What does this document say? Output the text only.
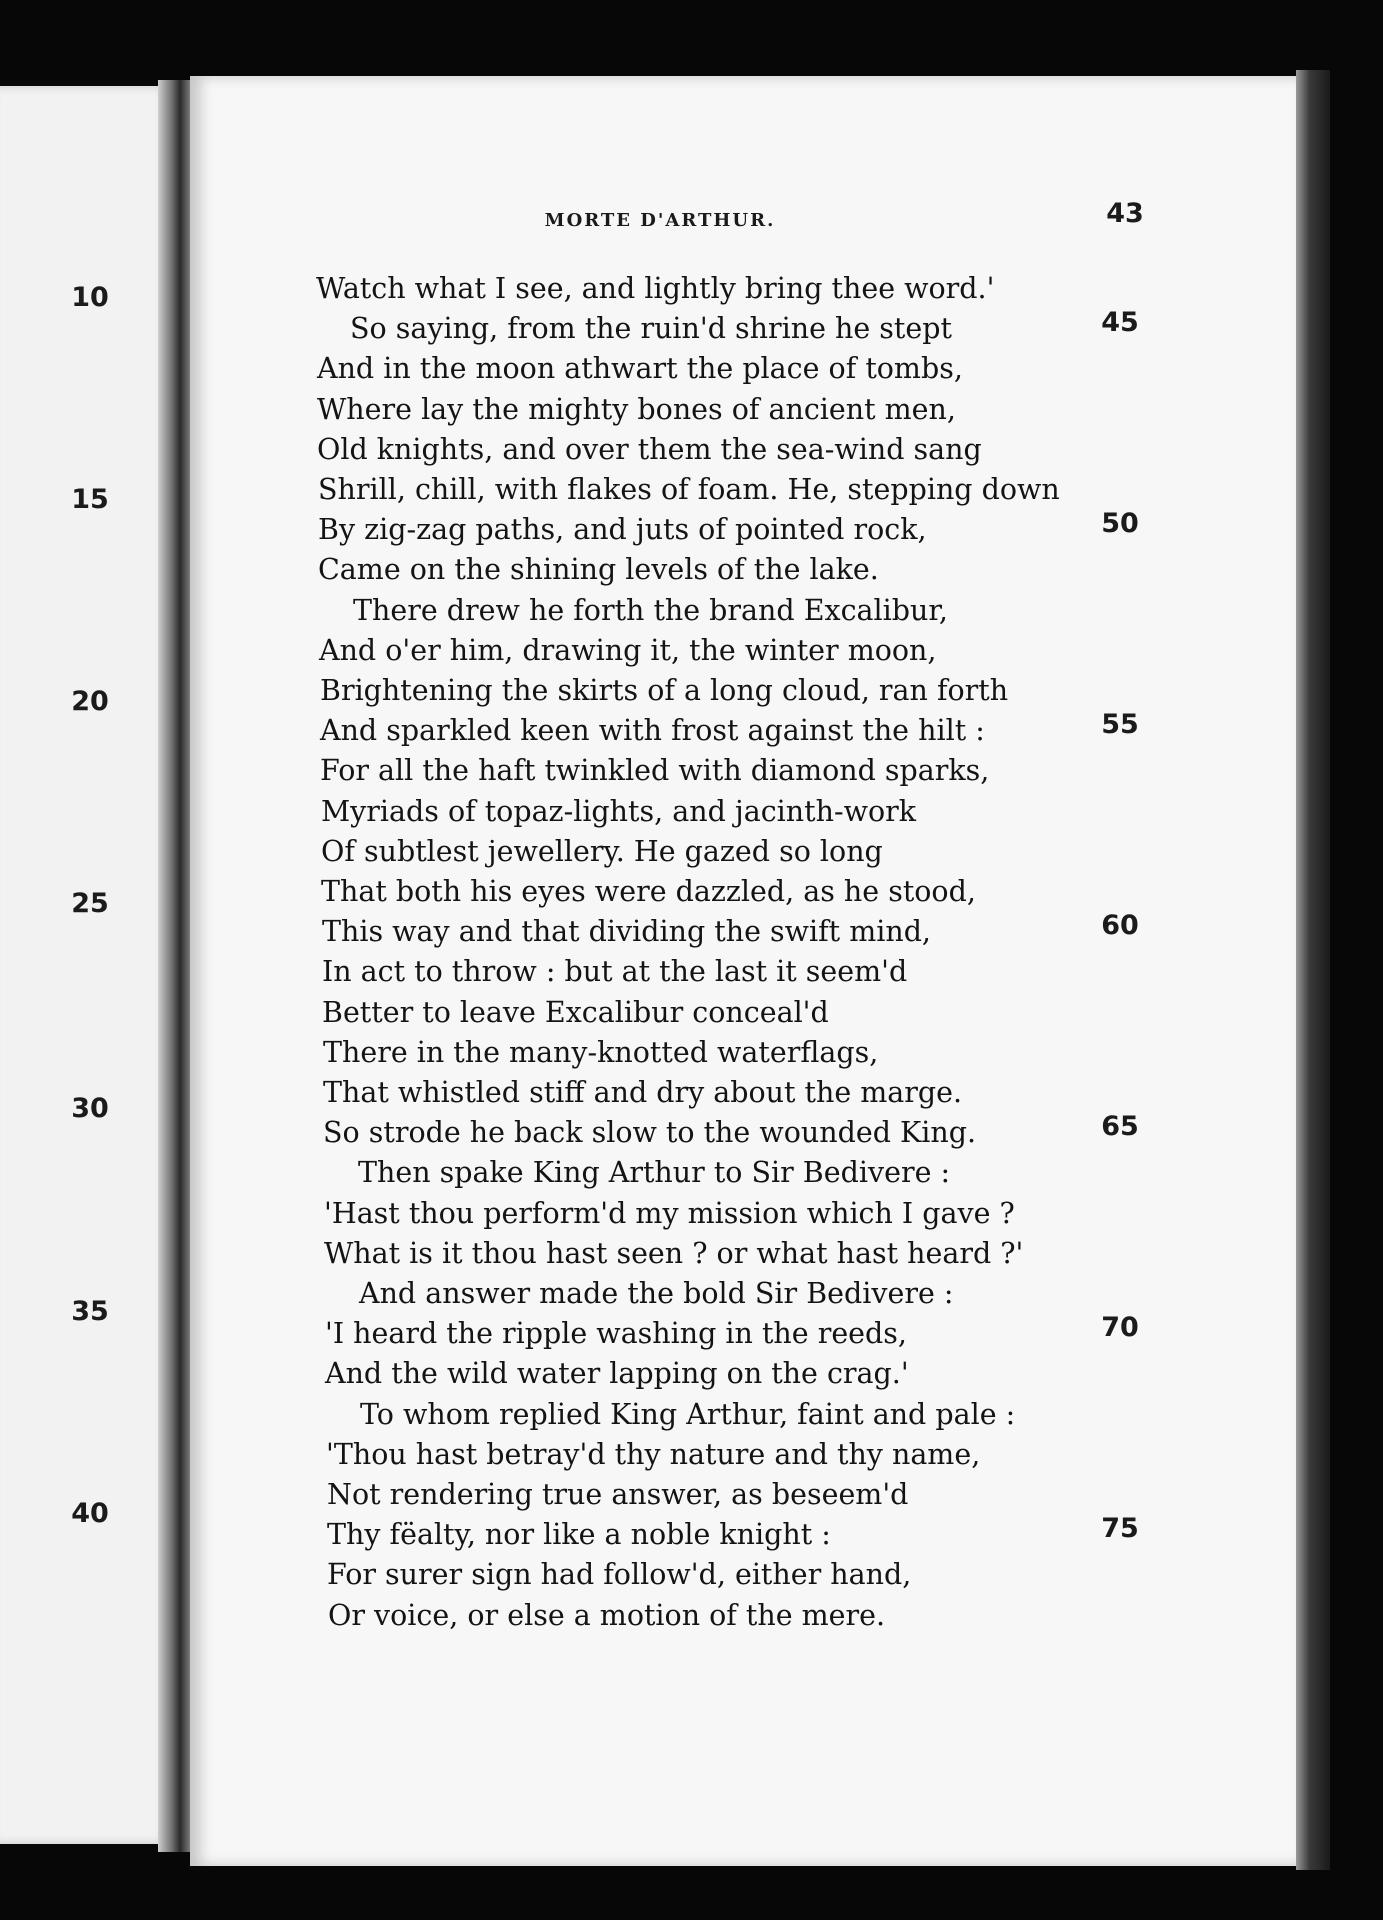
10
15
20
25
30
35
40
MORTE D'ARTHUR.	43
Watch what I see, and lightly bring thee word.'
So saying, from the ruin'd shrine he stept
And in the moon athwart the place of tombs,
Where lay the mighty bones of ancient men,
Old knights, and over them the sea-wind sang
Shrill, chill, with flakes of foam. He, stepping down
By zig-zag paths, and juts of pointed rock,
Came on the shining levels of the lake.
There drew he forth the brand Excalibur,
And o'er him, drawing it, the winter moon,
Brightening the skirts of a long cloud, ran forth
And sparkled keen with frost against the hilt :
For all the haft twinkled with diamond sparks,
Myriads of topaz-lights, and jacinth-work
Of subtlest jewellery. He gazed so long
That both his eyes were dazzled, as he stood,
This way and that dividing the swift mind,
In act to throw : but at the last it seem'd
Better to leave Excalibur conceal'd
There in the many-knotted waterflags,
That whistled stiff and dry about the marge.
So strode he back slow to the wounded King.
Then spake King Arthur to Sir Bedivere :
'Hast thou perform'd my mission which I gave ?
What is it thou hast seen ? or what hast heard ?'
And answer made the bold Sir Bedivere :
'I heard the ripple washing in the reeds,
And the wild water lapping on the crag.'
To whom replied King Arthur, faint and pale :
'Thou hast betray'd thy nature and thy name,
Not rendering true answer, as beseem'd
Thy fëalty, nor like a noble knight :
For surer sign had follow'd, either hand,
Or voice, or else a motion of the mere.
45
50
55
60
65
70
75
